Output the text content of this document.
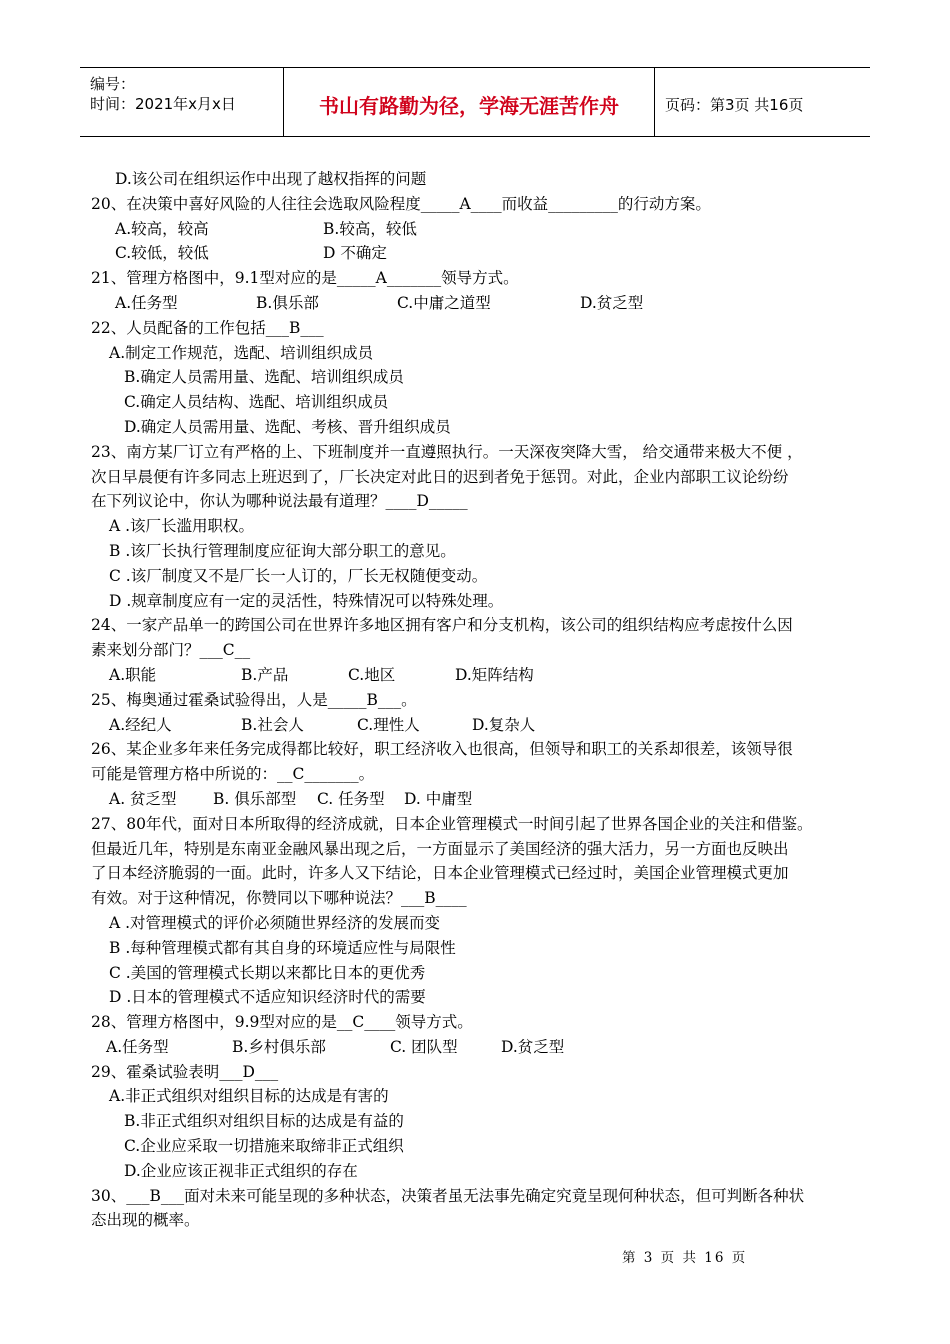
编号：
时间：2021年x月x日	书山有路勤为径，学海无涯苦作舟	页码：第3页 共16页
D.该公司在组织运作中出现了越权指挥的问题
20、在决策中喜好风险的人往往会选取风险程度_____A____而收益_________的行动方案。
A.较高，较高	B.较高，较低
C.较低，较低	D 不确定
21、管理方格图中，9.1型对应的是_____A_______领导方式。
A.任务型	B.俱乐部	C.中庸之道型	D.贫乏型
22、人员配备的工作包括___B___
A.制定工作规范，选配、培训组织成员
B.确定人员需用量、选配、培训组织成员
C.确定人员结构、选配、培训组织成员
D.确定人员需用量、选配、考核、晋升组织成员
23、南方某厂订立有严格的上、下班制度并一直遵照执行。一天深夜突降大雪， 给交通带来极大不便 ，
次日早晨便有许多同志上班迟到了，厂长决定对此日的迟到者免于惩罚。对此，企业内部职工议论纷纷
在下列议论中，你认为哪种说法最有道理？____D_____
A .该厂长滥用职权。
B .该厂长执行管理制度应征询大部分职工的意见。
C .该厂制度又不是厂长一人订的，厂长无权随便变动。
D .规章制度应有一定的灵活性，特殊情况可以特殊处理。
24、一家产品单一的跨国公司在世界许多地区拥有客户和分支机构，该公司的组织结构应考虑按什么因
素来划分部门？___C__
A.职能	B.产品	C.地区	D.矩阵结构
25、梅奥通过霍桑试验得出，人是_____B___。
A.经纪人	B.社会人	C.理性人	D.复杂人
26、某企业多年来任务完成得都比较好，职工经济收入也很高，但领导和职工的关系却很差，该领导很
可能是管理方格中所说的：__C_______。
A. 贫乏型 B. 俱乐部型 C. 任务型 D. 中庸型
27、80年代，面对日本所取得的经济成就，日本企业管理模式一时间引起了世界各国企业的关注和借鉴。
但最近几年，特别是东南亚金融风暴出现之后，一方面显示了美国经济的强大活力，另一方面也反映出
了日本经济脆弱的一面。此时，许多人又下结论，日本企业管理模式已经过时，美国企业管理模式更加
有效。对于这种情况，你赞同以下哪种说法？___B____
A .对管理模式的评价必须随世界经济的发展而变
B .每种管理模式都有其自身的环境适应性与局限性
C .美国的管理模式长期以来都比日本的更优秀
D .日本的管理模式不适应知识经济时代的需要
28、管理方格图中，9.9型对应的是__C____领导方式。
A.任务型	B.乡村俱乐部	C. 团队型	D.贫乏型
29、霍桑试验表明___D___
A.非正式组织对组织目标的达成是有害的
B.非正式组织对组织目标的达成是有益的
C.企业应采取一切措施来取缔非正式组织
D.企业应该正视非正式组织的存在
30、___B___面对未来可能呈现的多种状态，决策者虽无法事先确定究竟呈现何种状态，但可判断各种状
态出现的概率。
第 3 页 共 16 页
